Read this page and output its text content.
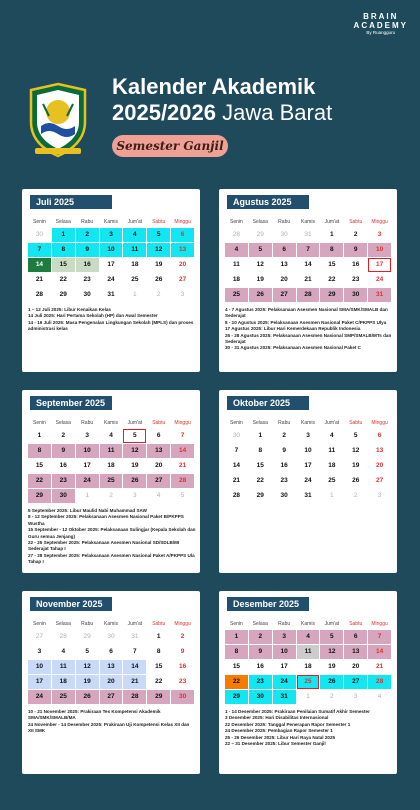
BRAIN
ACADEMY
By Ruangguru
Kalender Akademik
2025/2026 Jawa Barat
Semester Ganjil
Juli 2025
Senin	Selasa	Rabu	Kamis	Jum'at	Sabtu	Minggu
30	1	2	3	4	5	6
7	8	9	10	11	12	13
14	15	16	17	18	19	20
21	22	23	24	25	26	27
28	29	30	31	1	2	3
1 – 12 Juli 2025: Libur Kenaikan Kelas
14 Juli 2025: Hari Pertama Sekolah (HP) dan Awal Semester
14 - 16 Juli 2025: Masa Pengenalan Lingkungan Sekolah (MPLS) dan proses administrasi kelas
Agustus 2025
Senin	Selasa	Rabu	Kamis	Jum'at	Sabtu	Minggu
28	29	30	31	1	2	3
4	5	6	7	8	9	10
11	12	13	14	15	16	17
18	19	20	21	22	23	24
25	26	27	28	29	30	31
4 - 7 Agustus 2025: Pelaksanaan Asesmen Nasional SMA/SMK/SMALB dan Sederajat
8 - 10 Agustus 2025: Pelaksanaan Asesmen Nasional Paket C/PKPPS Ulya
17 Agustus 2025: Libur Hari Kemerdekaan Republik Indonesia
25 - 28 Agustus 2025: Pelaksanaan Asesmen Nasional SMP/SMALB/MTs dan Sederajat
30 - 31 Agustus 2025: Pelaksanaan Asesmen Nasional Paket C
September 2025
Senin	Selasa	Rabu	Kamis	Jum'at	Sabtu	Minggu
1	2	3	4	5	6	7
8	9	10	11	12	13	14
15	16	17	18	19	20	21
22	23	24	25	26	27	28
29	30	1	2	3	4	5
5 September 2025: Libur Maulid Nabi Muhammad SAW
8 - 12 September 2025: Pelaksanaan Asesmen Nasional Paket B/PKPPS Wustha
15 September - 12 Oktober 2025: Pelaksanaan Sulingjar (Kepala Sekolah dan Guru semua Jenjang)
22 - 25 September 2025: Pelaksanaan Asesmen Nasional SD/SDLB/MI Sederajat Tahap I
27 - 28 September 2025: Pelaksanaan Asesmen Nasional Paket A/PKPPS Ula Tahap I
Oktober 2025
Senin	Selasa	Rabu	Kamis	Jum'at	Sabtu	Minggu
30	1	2	3	4	5	6
7	8	9	10	11	12	13
14	15	16	17	18	19	20
21	22	23	24	25	26	27
28	29	30	31	1	2	3
November 2025
Senin	Selasa	Rabu	Kamis	Jum'at	Sabtu	Minggu
27	28	29	30	31	1	2
3	4	5	6	7	8	9
10	11	12	13	14	15	16
17	18	19	20	21	22	23
24	25	26	27	28	29	30
10 - 21 November 2025: Prakiraan Tes Kompetensi Akademik SMA/SMK/SMALB/MA
24 November - 14 Desember 2025: Prakiraan Uji Kompetensi Kelas XII dan XII SMK
Desember 2025
Senin	Selasa	Rabu	Kamis	Jum'at	Sabtu	Minggu
1	2	3	4	5	6	7
8	9	10	11	12	13	14
15	16	17	18	19	20	21
22	23	24	25	26	27	28
29	30	31	1	2	3	4
1 - 14 Desember 2025: Prakiraan Penilaian Sumatif Akhir Semester
3 Desember 2025: Hari Disabilitas Internasional
22 Desember 2025: Tanggal Penerapan Rapor Semester 1
24 Desember 2025: Pembagian Rapor Semester 1
25 - 26 Desember 2025: Libur Hari Raya Natal 2025
22 – 31 Desember 2025: Libur Semester Ganjil
